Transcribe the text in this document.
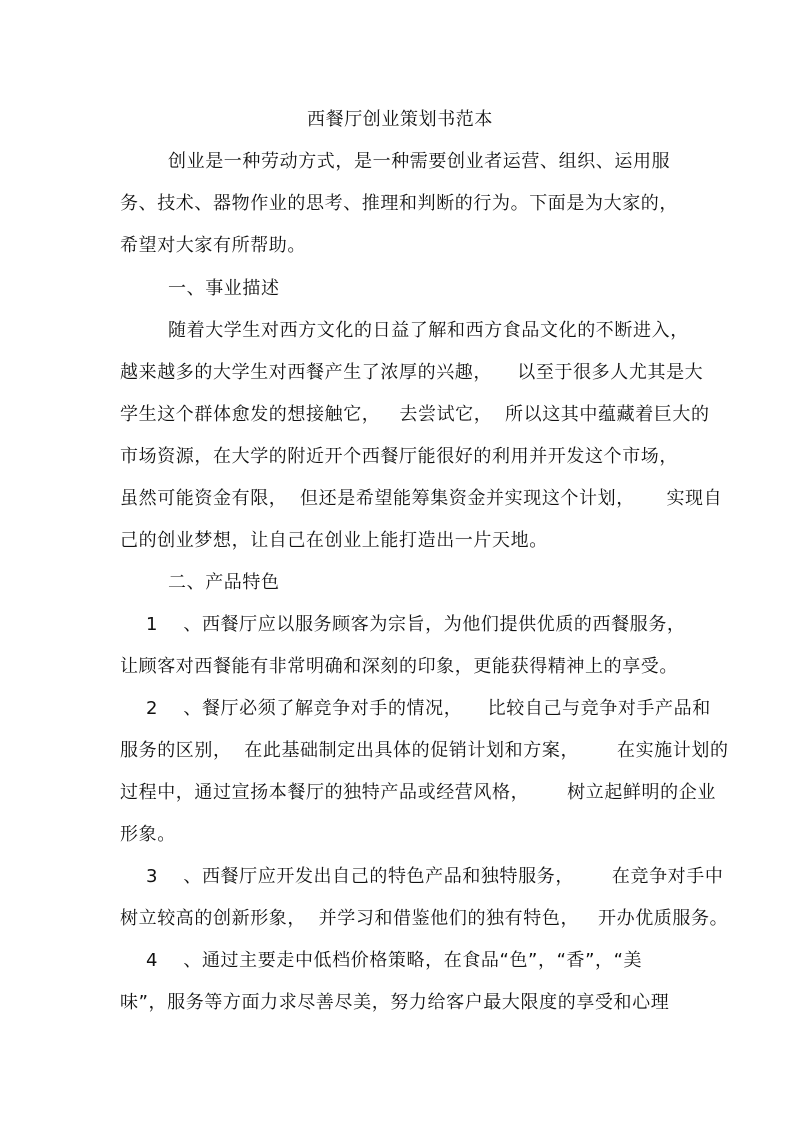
西餐厅创业策划书范本
创业是一种劳动方式，是一种需要创业者运营、组织、运用服
务、技术、器物作业的思考、推理和判断的行为。下面是为大家的，
希望对大家有所帮助。
一、事业描述
随着大学生对西方文化的日益了解和西方食品文化的不断进入，
越来越多的大学生对西餐产生了浓厚的兴趣，    以至于很多人尤其是大
学生这个群体愈发的想接触它，   去尝试它，  所以这其中蕴藏着巨大的
市场资源，在大学的附近开个西餐厅能很好的利用并开发这个市场，
虽然可能资金有限，  但还是希望能筹集资金并实现这个计划，     实现自
己的创业梦想，让自己在创业上能打造出一片天地。
二、产品特色
1    、西餐厅应以服务顾客为宗旨，为他们提供优质的西餐服务，
让顾客对西餐能有非常明确和深刻的印象，更能获得精神上的享受。
2    、餐厅必须了解竞争对手的情况，    比较自己与竞争对手产品和
服务的区别，  在此基础制定出具体的促销计划和方案，      在实施计划的
过程中，通过宣扬本餐厅的独特产品或经营风格，      树立起鲜明的企业
形象。
3    、西餐厅应开发出自己的特色产品和独特服务，      在竞争对手中
树立较高的创新形象，  并学习和借鉴他们的独有特色，   开办优质服务。
4    、通过主要走中低档价格策略，在食品“色”，“香”，“美
味”，服务等方面力求尽善尽美，努力给客户最大限度的享受和心理
